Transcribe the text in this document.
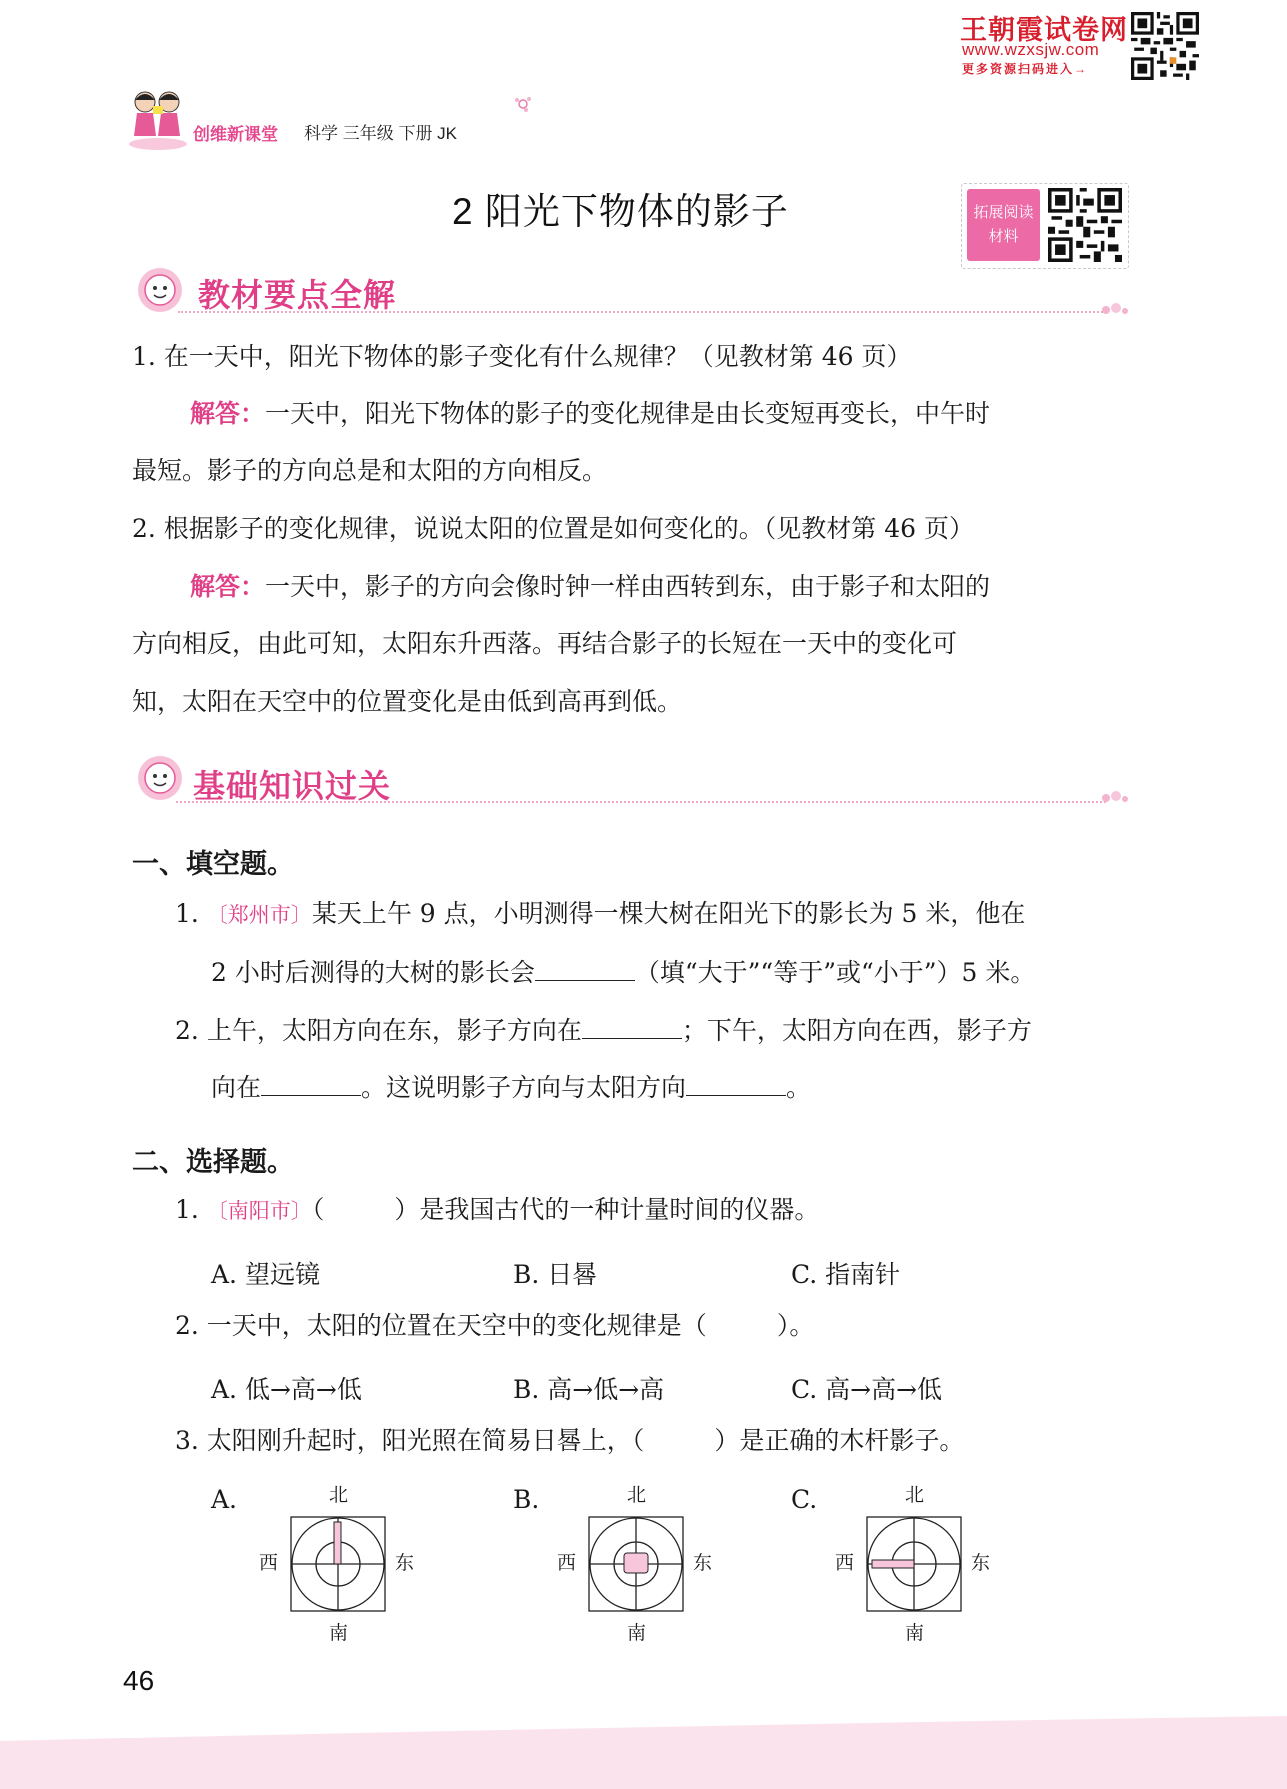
王朝霞试卷网
www.wzxsjw.com
更多资源扫码进入→
创维新课堂 科学 三年级 下册 JK
2 阳光下物体的影子	拓展阅读
材料
教材要点全解
1. 在一天中，阳光下物体的影子变化有什么规律？（见教材第 46 页）
解答：一天中，阳光下物体的影子的变化规律是由长变短再变长，中午时
最短。影子的方向总是和太阳的方向相反。
2. 根据影子的变化规律，说说太阳的位置是如何变化的。（见教材第 46 页）
解答：一天中，影子的方向会像时钟一样由西转到东，由于影子和太阳的
方向相反，由此可知，太阳东升西落。再结合影子的长短在一天中的变化可
知，太阳在天空中的位置变化是由低到高再到低。
基础知识过关
一、填空题。
1. 〔郑州市〕某天上午 9 点，小明测得一棵大树在阳光下的影长为 5 米，他在
2 小时后测得的大树的影长会	（填“大于”“等于”或“小于”）5 米。
2. 上午，太阳方向在东，影子方向在	；下午，太阳方向在西，影子方
向在	。这说明影子方向与太阳方向	。
二、选择题。
1. 〔南阳市〕（	）是我国古代的一种计量时间的仪器。
A. 望远镜	B. 日晷	C. 指南针
2. 一天中，太阳的位置在天空中的变化规律是（	）。
A. 低→高→低	B. 高→低→高	C. 高→高→低
3. 太阳刚升起时，阳光照在简易日晷上，（	）是正确的木杆影子。
A.	B.	C.
北
西	东
南
北
西	东
南
北
西	东
南
46
